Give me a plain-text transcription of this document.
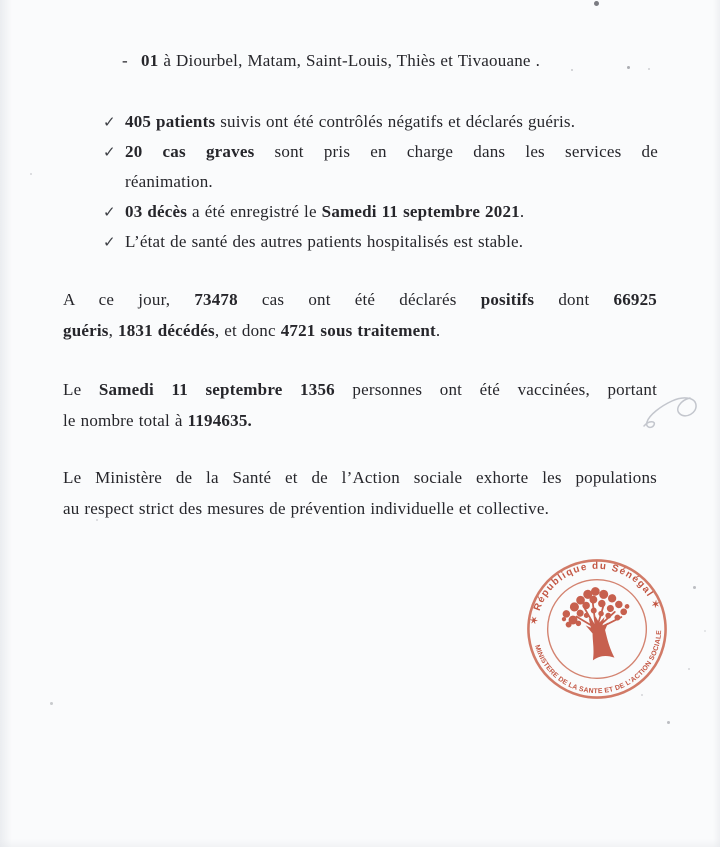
- 01 à Diourbel, Matam, Saint-Louis, Thiès et Tivaouane .
✓ 405 patients suivis ont été contrôlés négatifs et déclarés guéris.
✓ 20 cas graves sont pris en charge dans les services de
réanimation.
✓ 03 décès a été enregistré le Samedi 11 septembre 2021.
✓ L’état de santé des autres patients hospitalisés est stable.

A ce jour, 73478 cas ont été déclarés positifs dont 66925
guéris, 1831 décédés, et donc 4721 sous traitement.

Le Samedi 11 septembre 1356 personnes ont été vaccinées, portant
le nombre total à 1194635.

Le Ministère de la Santé et de l’Action sociale exhorte les populations
au respect strict des mesures de prévention individuelle et collective.

✶ République du Sénégal ✶
MINISTERE DE LA SANTE ET DE L'ACTION SOCIALE
